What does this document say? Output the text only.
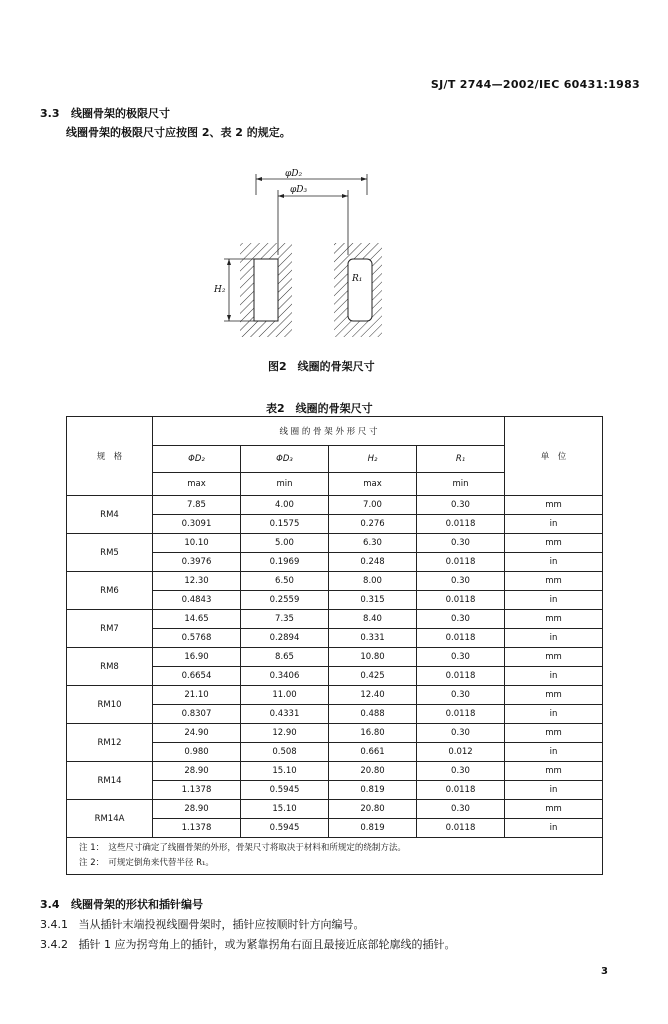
SJ/T 2744—2002/IEC 60431:1983
3.3 线圈骨架的极限尺寸
线圈骨架的极限尺寸应按图 2、表 2 的规定。
φD₂
φD₃
H₂
R₁
图2　线圈的骨架尺寸
表2　线圈的骨架尺寸
规　格	线 圈 的 骨 架 外 形 尺 寸				单　位
	ΦD₂	ΦD₃	H₂	R₁	
	max	min	max	min	
RM4	7.85	4.00	7.00	0.30	mm
	0.3091	0.1575	0.276	0.0118	in
RM5	10.10	5.00	6.30	0.30	mm
	0.3976	0.1969	0.248	0.0118	in
RM6	12.30	6.50	8.00	0.30	mm
	0.4843	0.2559	0.315	0.0118	in
RM7	14.65	7.35	8.40	0.30	mm
	0.5768	0.2894	0.331	0.0118	in
RM8	16.90	8.65	10.80	0.30	mm
	0.6654	0.3406	0.425	0.0118	in
RM10	21.10	11.00	12.40	0.30	mm
	0.8307	0.4331	0.488	0.0118	in
RM12	24.90	12.90	16.80	0.30	mm
	0.980	0.508	0.661	0.012	in
RM14	28.90	15.10	20.80	0.30	mm
	1.1378	0.5945	0.819	0.0118	in
RM14A	28.90	15.10	20.80	0.30	mm
	1.1378	0.5945	0.819	0.0118	in

注 1：　这些尺寸确定了线圈骨架的外形，骨架尺寸将取决于材料和所规定的绕制方法。
注 2：　可规定倒角来代替半径 R₁。					
3.4 线圈骨架的形状和插针编号
3.4.1 当从插针末端投视线圈骨架时，插针应按顺时针方向编号。
3.4.2 插针 1 应为拐弯角上的插针，或为紧靠拐角右面且最接近底部轮廓线的插针。
3
